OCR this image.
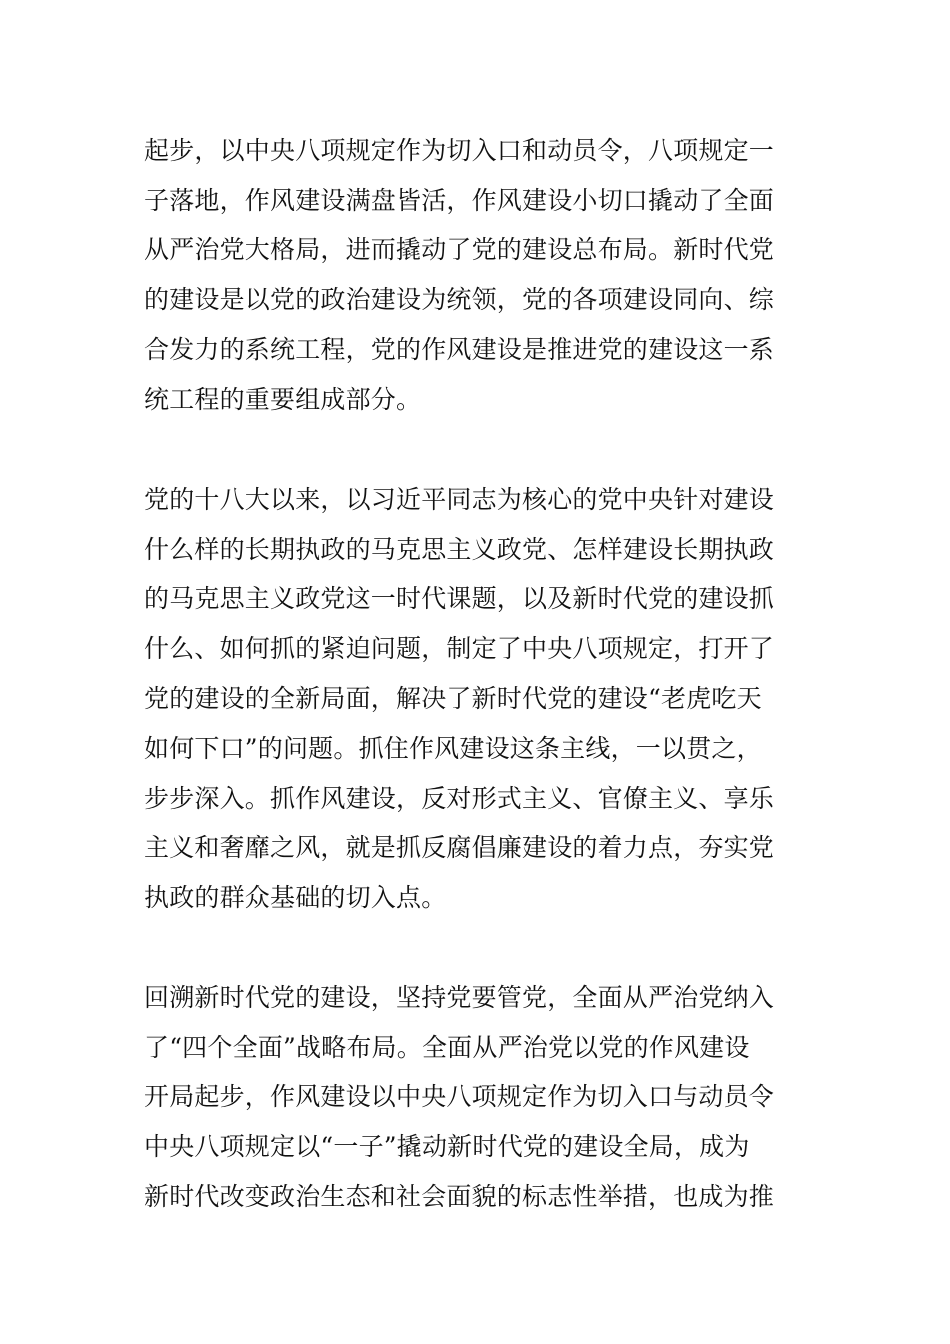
起步，以中央八项规定作为切入口和动员令，八项规定一
子落地，作风建设满盘皆活，作风建设小切口撬动了全面
从严治党大格局，进而撬动了党的建设总布局。新时代党
的建设是以党的政治建设为统领，党的各项建设同向、综
合发力的系统工程，党的作风建设是推进党的建设这一系
统工程的重要组成部分。
党的十八大以来，以习近平同志为核心的党中央针对建设
什么样的长期执政的马克思主义政党、怎样建设长期执政
的马克思主义政党这一时代课题，以及新时代党的建设抓
什么、如何抓的紧迫问题，制定了中央八项规定，打开了
党的建设的全新局面，解决了新时代党的建设“老虎吃天
如何下口”的问题。抓住作风建设这条主线，一以贯之，
步步深入。抓作风建设，反对形式主义、官僚主义、享乐
主义和奢靡之风，就是抓反腐倡廉建设的着力点，夯实党
执政的群众基础的切入点。
回溯新时代党的建设，坚持党要管党，全面从严治党纳入
了“四个全面”战略布局。全面从严治党以党的作风建设
开局起步，作风建设以中央八项规定作为切入口与动员令
中央八项规定以“一子”撬动新时代党的建设全局，成为
新时代改变政治生态和社会面貌的标志性举措，也成为推
